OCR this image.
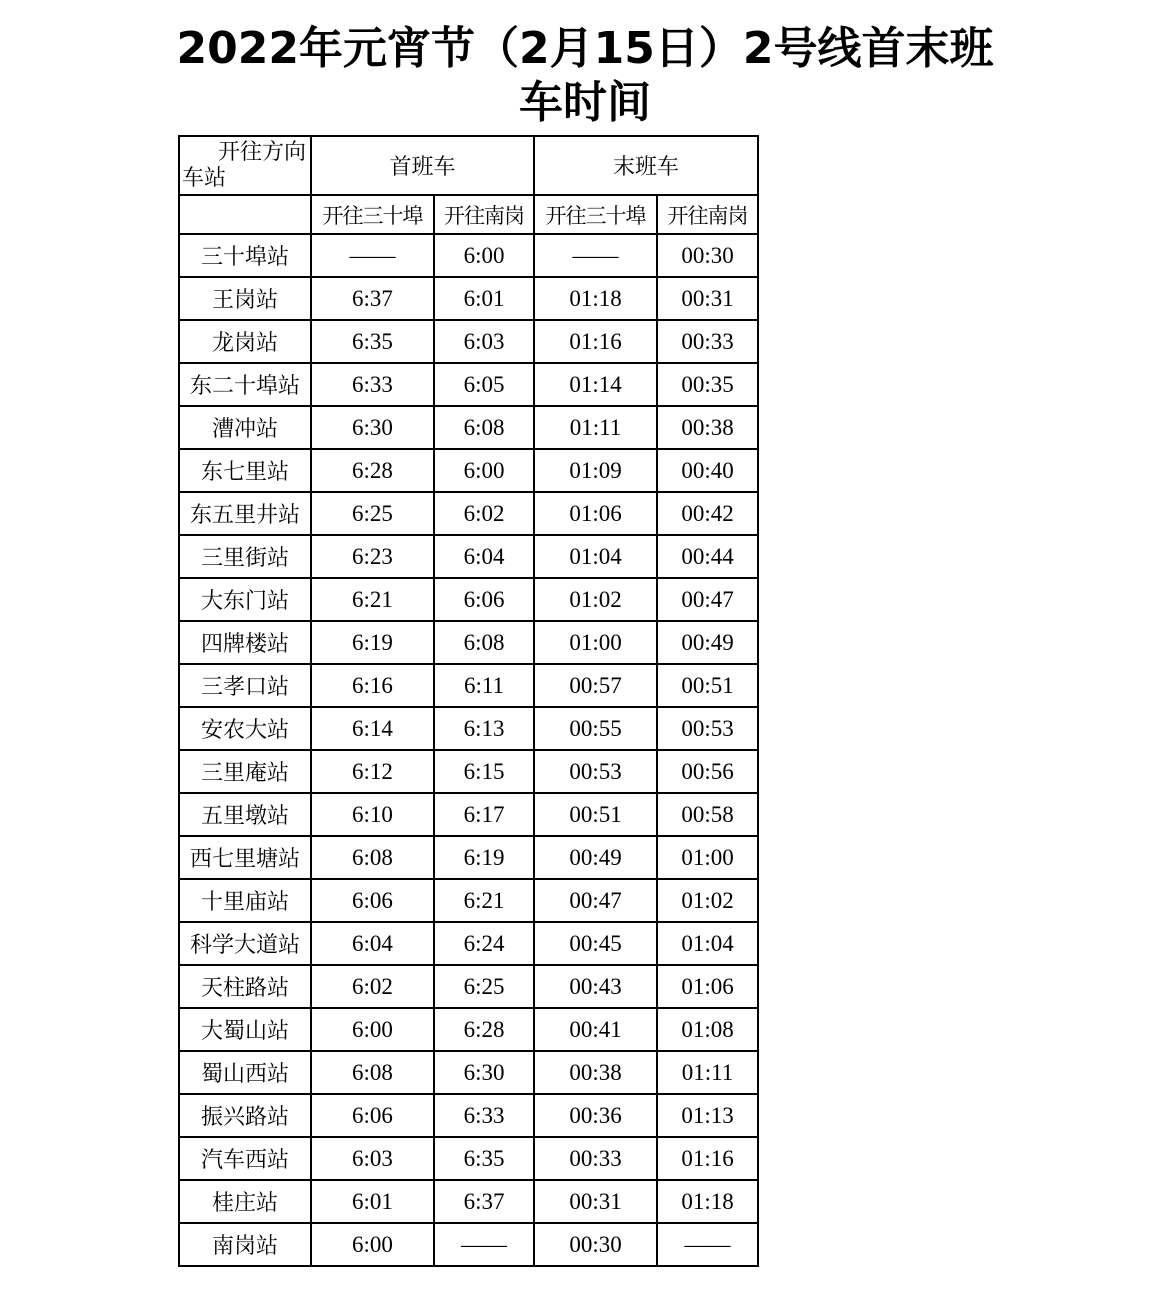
2022年元宵节（2月15日）2号线首末班
车时间
开往方向
车站	首班车		末班车	
	开往三十埠	开往南岗	开往三十埠	开往南岗
三十埠站	——	6:00	——	00:30
王岗站	6:37	6:01	01:18	00:31
龙岗站	6:35	6:03	01:16	00:33
东二十埠站	6:33	6:05	01:14	00:35
漕冲站	6:30	6:08	01:11	00:38
东七里站	6:28	6:00	01:09	00:40
东五里井站	6:25	6:02	01:06	00:42
三里街站	6:23	6:04	01:04	00:44
大东门站	6:21	6:06	01:02	00:47
四牌楼站	6:19	6:08	01:00	00:49
三孝口站	6:16	6:11	00:57	00:51
安农大站	6:14	6:13	00:55	00:53
三里庵站	6:12	6:15	00:53	00:56
五里墩站	6:10	6:17	00:51	00:58
西七里塘站	6:08	6:19	00:49	01:00
十里庙站	6:06	6:21	00:47	01:02
科学大道站	6:04	6:24	00:45	01:04
天柱路站	6:02	6:25	00:43	01:06
大蜀山站	6:00	6:28	00:41	01:08
蜀山西站	6:08	6:30	00:38	01:11
振兴路站	6:06	6:33	00:36	01:13
汽车西站	6:03	6:35	00:33	01:16
桂庄站	6:01	6:37	00:31	01:18
南岗站	6:00	——	00:30	——
